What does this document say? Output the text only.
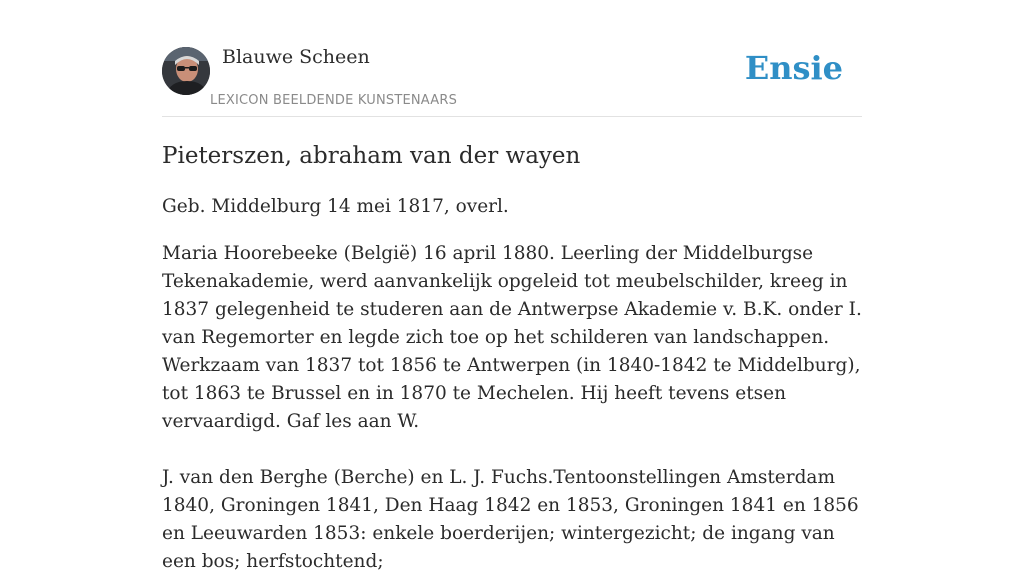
Blauwe Scheen
LEXICON BEELDENDE KUNSTENAARS
Ensie
Pieterszen, abraham van der wayen

Geb. Middelburg 14 mei 1817, overl.

Maria Hoorebeeke (België) 16 april 1880. Leerling der Middelburgse Tekenakademie, werd aanvankelijk opgeleid tot meubelschilder, kreeg in 1837 gelegenheid te studeren aan de Antwerpse Akademie v. B.K. onder I. van Regemorter en legde zich toe op het schilderen van landschappen. Werkzaam van 1837 tot 1856 te Antwerpen (in 1840-1842 te Middelburg), tot 1863 te Brussel en in 1870 te Mechelen. Hij heeft tevens etsen vervaardigd. Gaf les aan W.

J. van den Berghe (Berche) en L. J. Fuchs.Tentoonstellingen Amsterdam 1840, Groningen 1841, Den Haag 1842 en 1853, Groningen 1841 en 1856 en Leeuwarden 1853: enkele boerderijen; wintergezicht; de ingang van een bos; herfstochtend;
